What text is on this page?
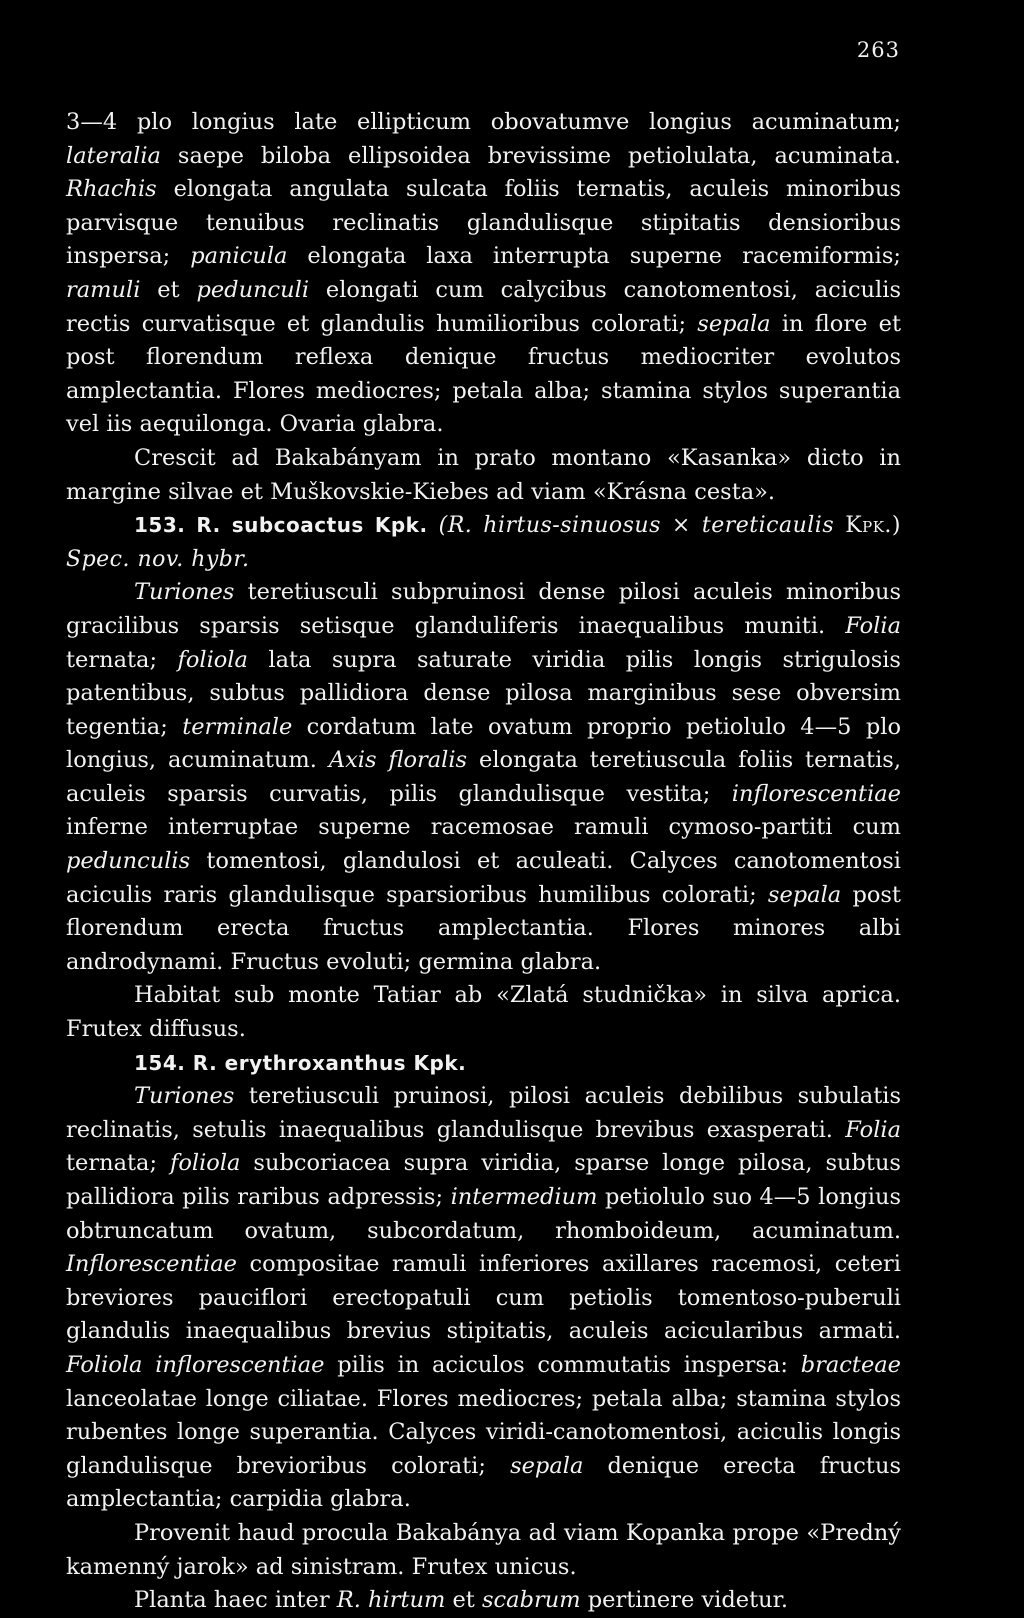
263

3—4 plo longius late ellipticum obovatumve longius acuminatum; lateralia saepe biloba ellipsoidea brevissime petiolulata, acuminata. Rhachis elongata angulata sulcata foliis ternatis, aculeis minoribus parvisque tenuibus reclinatis glandulisque stipitatis densioribus inspersa; panicula elongata laxa interrupta superne racemiformis; ramuli et pedunculi elongati cum calycibus canotomentosi, aciculis rectis curvatisque et glandulis humilioribus colorati; sepala in flore et post florendum reflexa denique fructus mediocriter evolutos amplectantia. Flores mediocres; petala alba; stamina stylos superantia vel iis aequilonga. Ovaria glabra.

Crescit ad Bakabányam in prato montano «Kasanka» dicto in margine silvae et Muškovskie-Kiebes ad viam «Krásna cesta».

153. R. subcoactus Kpk. (R. hirtus-sinuosus × tereticaulis Kpk.) Spec. nov. hybr.

Turiones teretiusculi subpruinosi dense pilosi aculeis minoribus gracilibus sparsis setisque glanduliferis inaequalibus muniti. Folia ternata; foliola lata supra saturate viridia pilis longis strigulosis patentibus, subtus pallidiora dense pilosa marginibus sese obversim tegentia; terminale cordatum late ovatum proprio petiolulo 4—5 plo longius, acuminatum. Axis floralis elongata teretiuscula foliis ternatis, aculeis sparsis curvatis, pilis glandulisque vestita; inflorescentiae inferne interruptae superne racemosae ramuli cymoso-partiti cum pedunculis tomentosi, glandulosi et aculeati. Calyces canotomentosi aciculis raris glandulisque sparsioribus humilibus colorati; sepala post florendum erecta fructus amplectantia. Flores minores albi androdynami. Fructus evoluti; germina glabra.

Habitat sub monte Tatiar ab «Zlatá studnička» in silva aprica. Frutex diffusus.

154. R. erythroxanthus Kpk.

Turiones teretiusculi pruinosi, pilosi aculeis debilibus subulatis reclinatis, setulis inaequalibus glandulisque brevibus exasperati. Folia ternata; foliola subcoriacea supra viridia, sparse longe pilosa, subtus pallidiora pilis raribus adpressis; intermedium petiolulo suo 4—5 longius obtruncatum ovatum, subcordatum, rhomboideum, acuminatum. Inflorescentiae compositae ramuli inferiores axillares racemosi, ceteri breviores pauciflori erectopatuli cum petiolis tomentoso-puberuli glandulis inaequalibus brevius stipitatis, aculeis acicularibus armati. Foliola inflorescentiae pilis in aciculos commutatis inspersa: bracteae lanceolatae longe ciliatae. Flores mediocres; petala alba; stamina stylos rubentes longe superantia. Calyces viridi-canotomentosi, aciculis longis glandulisque brevioribus colorati; sepala denique erecta fructus amplectantia; carpidia glabra.

Provenit haud procula Bakabánya ad viam Kopanka prope «Predný kamenný jarok» ad sinistram. Frutex unicus.

Planta haec inter R. hirtum et scabrum pertinere videtur.
